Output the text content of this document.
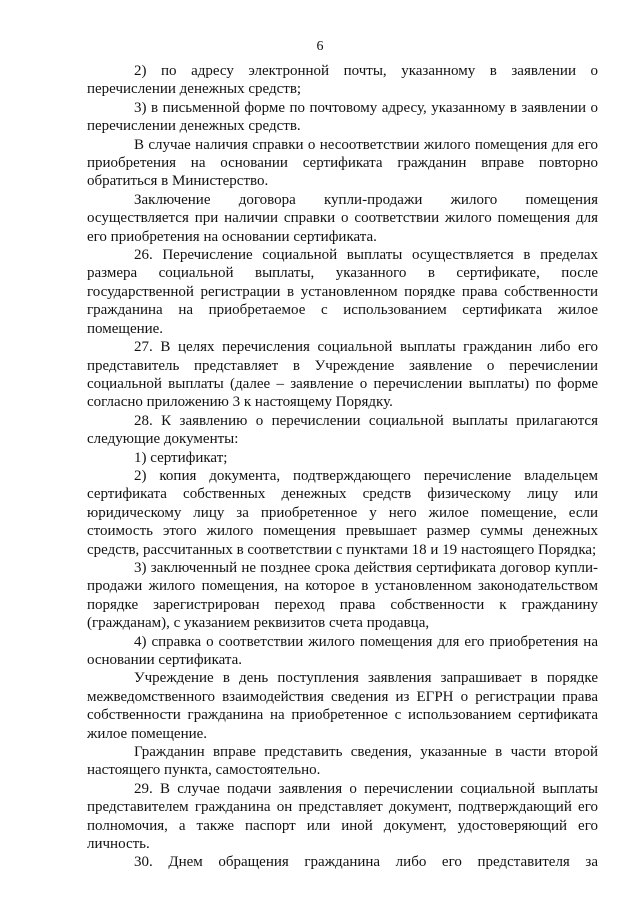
6

2) по адресу электронной почты, указанному в заявлении о перечислении денежных средств;

3) в письменной форме по почтовому адресу, указанному в заявлении о перечислении денежных средств.

В случае наличия справки о несоответствии жилого помещения для его приобретения на основании сертификата гражданин вправе повторно обратиться в Министерство.

Заключение договора купли-продажи жилого помещения осуществляется при наличии справки о соответствии жилого помещения для его приобретения на основании сертификата.

26. Перечисление социальной выплаты осуществляется в пределах размера социальной выплаты, указанного в сертификате, после государственной регистрации в установленном порядке права собственности гражданина на приобретаемое с использованием сертификата жилое помещение.

27. В целях перечисления социальной выплаты гражданин либо его представитель представляет в Учреждение заявление о перечислении социальной выплаты (далее – заявление о перечислении выплаты) по форме согласно приложению 3 к настоящему Порядку.

28. К заявлению о перечислении социальной выплаты прилагаются следующие документы:

1) сертификат;

2) копия документа, подтверждающего перечисление владельцем сертификата собственных денежных средств физическому лицу или юридическому лицу за приобретенное у него жилое помещение, если стоимость этого жилого помещения превышает размер суммы денежных средств, рассчитанных в соответствии с пунктами 18 и 19 настоящего Порядка;

3) заключенный не позднее срока действия сертификата договор купли-продажи жилого помещения, на которое в установленном законодательством порядке зарегистрирован переход права собственности к гражданину (гражданам), с указанием реквизитов счета продавца,

4) справка о соответствии жилого помещения для его приобретения на основании сертификата.

Учреждение в день поступления заявления запрашивает в порядке межведомственного взаимодействия сведения из ЕГРН о регистрации права собственности гражданина на приобретенное с использованием сертификата жилое помещение.

Гражданин вправе представить сведения, указанные в части второй настоящего пункта, самостоятельно.

29. В случае подачи заявления о перечислении социальной выплаты представителем гражданина он представляет документ, подтверждающий его полномочия, а также паспорт или иной документ, удостоверяющий его личность.

30. Днем обращения гражданина либо его представителя за
